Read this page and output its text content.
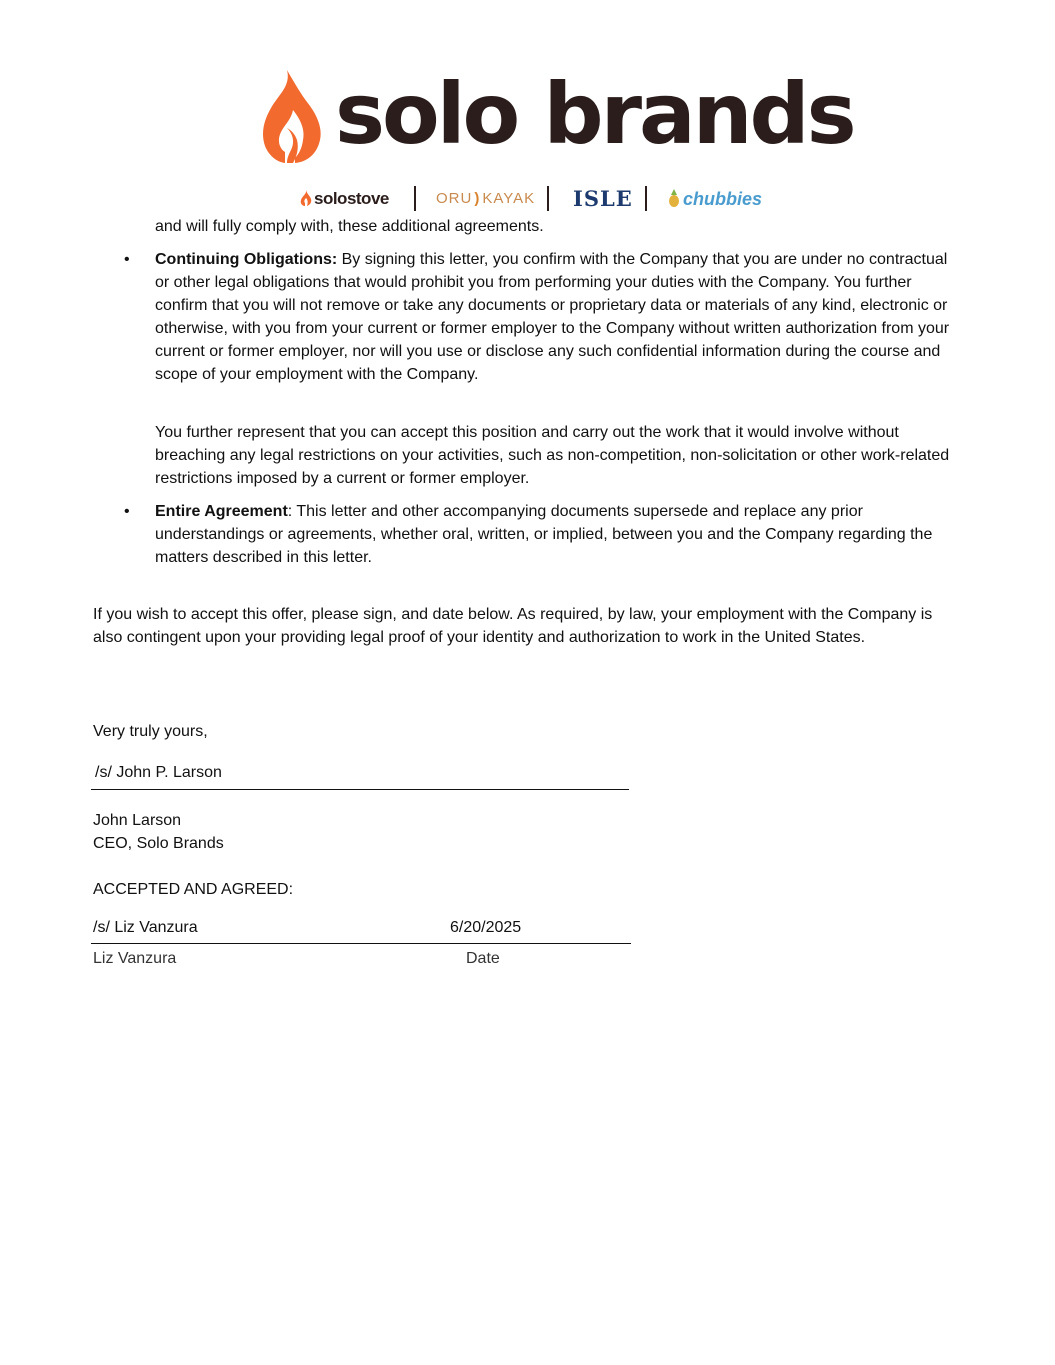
solo brands
solostove	ORU ) KAYAK ISLE	chubbies
and will fully comply with, these additional agreements.
• Continuing Obligations: By signing this letter, you confirm with the Company that you are under no contractual or other legal obligations that would prohibit you from performing your duties with the Company. You further confirm that you will not remove or take any documents or proprietary data or materials of any kind, electronic or otherwise, with you from your current or former employer to the Company without written authorization from your current or former employer, nor will you use or disclose any such confidential information during the course and scope of your employment with the Company.
You further represent that you can accept this position and carry out the work that it would involve without breaching any legal restrictions on your activities, such as non-competition, non-solicitation or other work-related restrictions imposed by a current or former employer.
• Entire Agreement: This letter and other accompanying documents supersede and replace any prior understandings or agreements, whether oral, written, or implied, between you and the Company regarding the matters described in this letter.
If you wish to accept this offer, please sign, and date below. As required, by law, your employment with the Company is also contingent upon your providing legal proof of your identity and authorization to work in the United States.
Very truly yours,
/s/ John P. Larson
John Larson
CEO, Solo Brands
ACCEPTED AND AGREED:
/s/ Liz Vanzura	6/20/2025
Liz Vanzura	Date
